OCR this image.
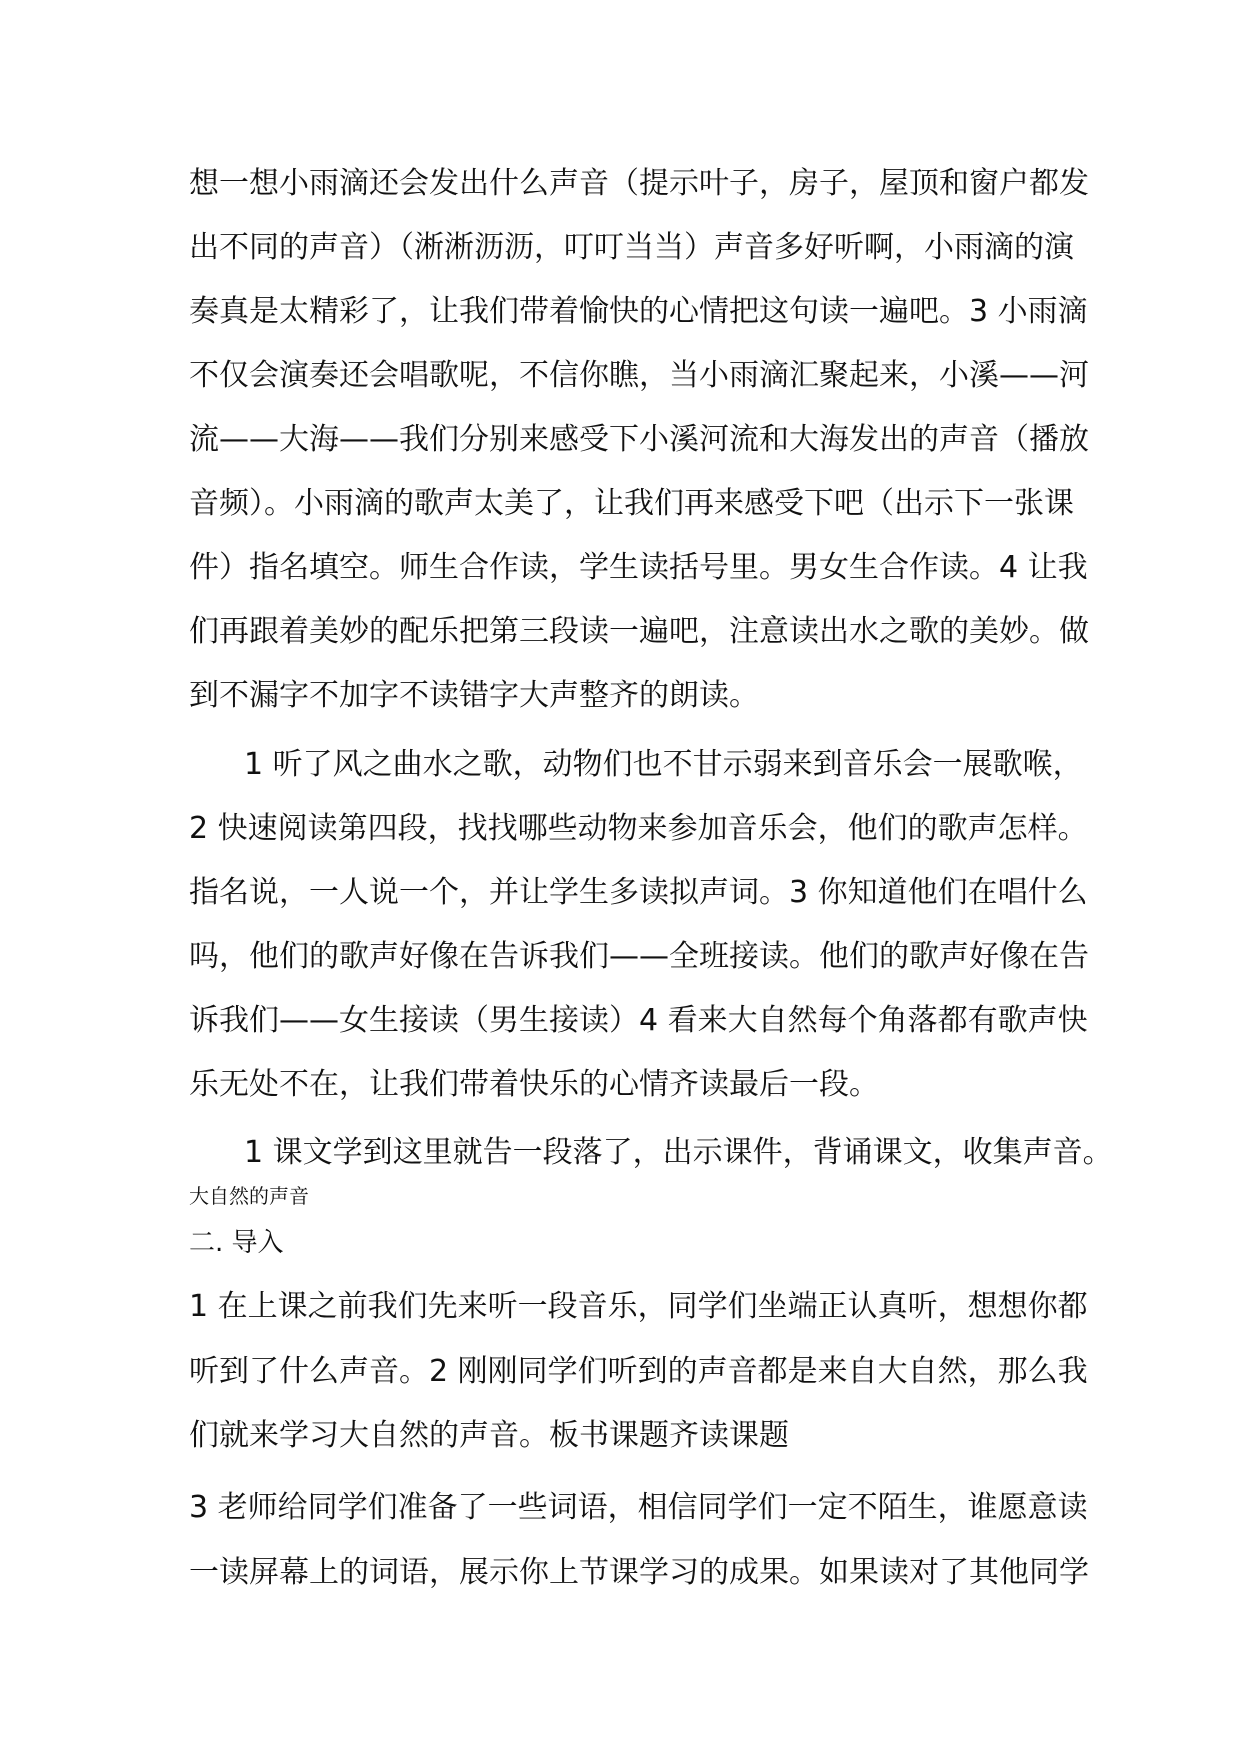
想一想小雨滴还会发出什么声音（提示叶子，房子，屋顶和窗户都发

出不同的声音）（淅淅沥沥，叮叮当当）声音多好听啊，小雨滴的演

奏真是太精彩了，让我们带着愉快的心情把这句读一遍吧。3 小雨滴

不仅会演奏还会唱歌呢，不信你瞧，当小雨滴汇聚起来，小溪——河

流——大海——我们分别来感受下小溪河流和大海发出的声音（播放

音频）。小雨滴的歌声太美了，让我们再来感受下吧（出示下一张课

件）指名填空。师生合作读，学生读括号里。男女生合作读。4 让我

们再跟着美妙的配乐把第三段读一遍吧，注意读出水之歌的美妙。做

到不漏字不加字不读错字大声整齐的朗读。

1 听了风之曲水之歌，动物们也不甘示弱来到音乐会一展歌喉，

2 快速阅读第四段，找找哪些动物来参加音乐会，他们的歌声怎样。

指名说，一人说一个，并让学生多读拟声词。3 你知道他们在唱什么

吗，他们的歌声好像在告诉我们——全班接读。他们的歌声好像在告

诉我们——女生接读（男生接读）4 看来大自然每个角落都有歌声快

乐无处不在，让我们带着快乐的心情齐读最后一段。

1 课文学到这里就告一段落了，出示课件，背诵课文，收集声音。

大自然的声音

二. 导入

1 在上课之前我们先来听一段音乐，同学们坐端正认真听，想想你都

听到了什么声音。2 刚刚同学们听到的声音都是来自大自然，那么我

们就来学习大自然的声音。板书课题齐读课题

3 老师给同学们准备了一些词语，相信同学们一定不陌生，谁愿意读

一读屏幕上的词语，展示你上节课学习的成果。如果读对了其他同学
